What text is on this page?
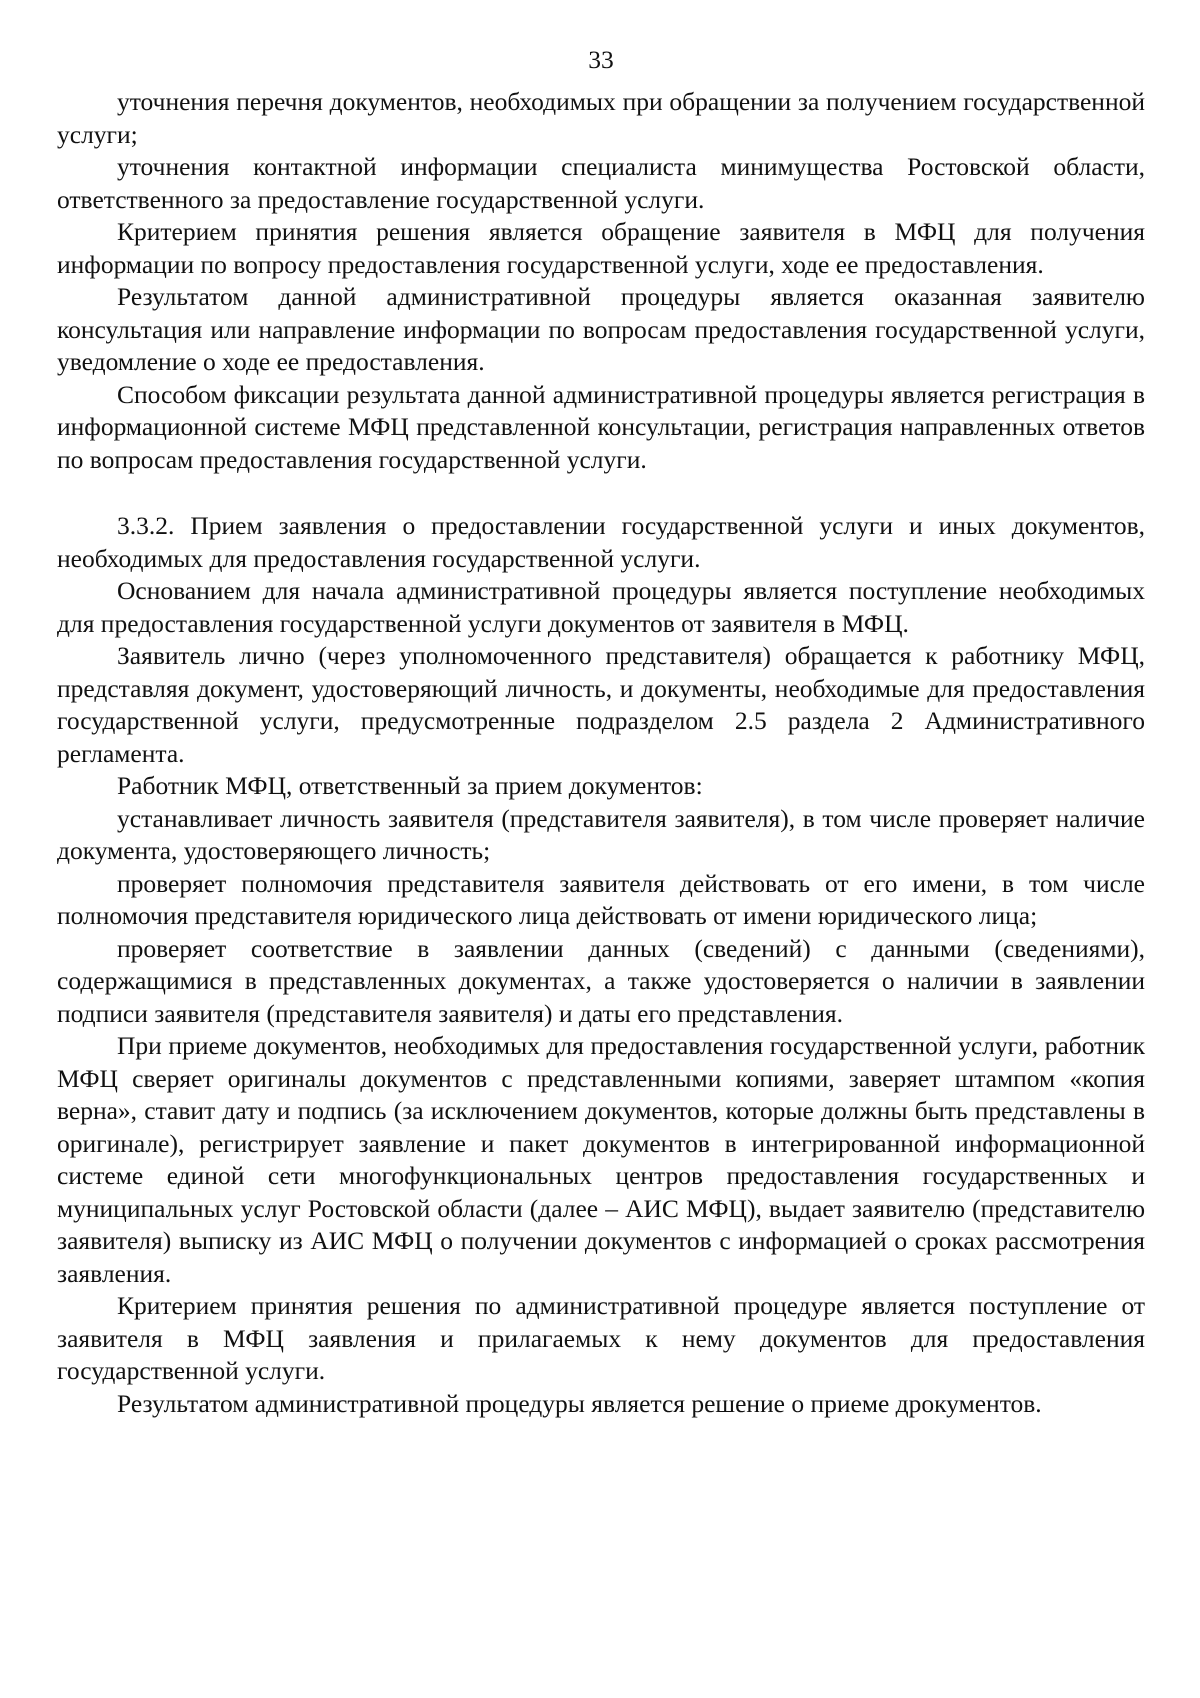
33

уточнения перечня документов, необходимых при обращении за получением государственной услуги;

уточнения контактной информации специалиста минимущества Ростовской области, ответственного за предоставление государственной услуги.

Критерием принятия решения является обращение заявителя в МФЦ для получения информации по вопросу предоставления государственной услуги, ходе ее предоставления.

Результатом данной административной процедуры является оказанная заявителю консультация или направление информации по вопросам предоставления государственной услуги, уведомление о ходе ее предоставления.

Способом фиксации результата данной административной процедуры является регистрация в информационной системе МФЦ представленной консультации, регистрация направленных ответов по вопросам предоставления государственной услуги.

3.3.2. Прием заявления о предоставлении государственной услуги и иных документов, необходимых для предоставления государственной услуги.

Основанием для начала административной процедуры является поступление необходимых для предоставления государственной услуги документов от заявителя в МФЦ.

Заявитель лично (через уполномоченного представителя) обращается к работнику МФЦ, представляя документ, удостоверяющий личность, и документы, необходимые для предоставления государственной услуги, предусмотренные подразделом 2.5 раздела 2 Административного регламента.

Работник МФЦ, ответственный за прием документов:

устанавливает личность заявителя (представителя заявителя), в том числе проверяет наличие документа, удостоверяющего личность;

проверяет полномочия представителя заявителя действовать от его имени, в том числе полномочия представителя юридического лица действовать от имени юридического лица;

проверяет соответствие в заявлении данных (сведений) с данными (сведениями), содержащимися в представленных документах, а также удостоверяется о наличии в заявлении подписи заявителя (представителя заявителя) и даты его представления.

При приеме документов, необходимых для предоставления государственной услуги, работник МФЦ сверяет оригиналы документов с представленными копиями, заверяет штампом «копия верна», ставит дату и подпись (за исключением документов, которые должны быть представлены в оригинале), регистрирует заявление и пакет документов в интегрированной информационной системе единой сети многофункциональных центров предоставления государственных и муниципальных услуг Ростовской области (далее – АИС МФЦ), выдает заявителю (представителю заявителя) выписку из АИС МФЦ о получении документов с информацией о сроках рассмотрения заявления.

Критерием принятия решения по административной процедуре является поступление от заявителя в МФЦ заявления и прилагаемых к нему документов для предоставления государственной услуги.

Результатом административной процедуры является решение о приеме дрокументов.
